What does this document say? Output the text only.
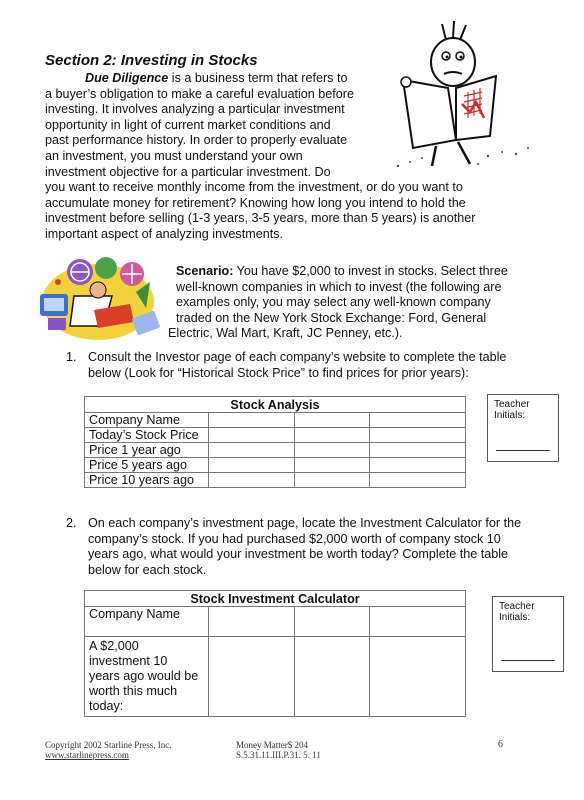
Section 2: Investing in Stocks
Due Diligence is a business term that refers to
a buyer’s obligation to make a careful evaluation before
investing. It involves analyzing a particular investment
opportunity in light of current market conditions and
past performance history. In order to properly evaluate
an investment, you must understand your own
investment objective for a particular investment. Do
you want to receive monthly income from the investment, or do you want to
accumulate money for retirement? Knowing how long you intend to hold the
investment before selling (1-3 years, 3-5 years, more than 5 years) is another
important aspect of analyzing investments.
Scenario: You have $2,000 to invest in stocks. Select three
well-known companies in which to invest (the following are
examples only, you may select any well-known company
traded on the New York Stock Exchange: Ford, General
Electric, Wal Mart, Kraft, JC Penney, etc.).
1. Consult the Investor page of each company’s website to complete the table
below (Look for “Historical Stock Price” to find prices for prior years):
Stock Analysis			
Company Name			
Today’s Stock Price			
Price 1 year ago			
Price 5 years ago			
Price 10 years ago			
Teacher
Initials:
2. On each company’s investment page, locate the Investment Calculator for the
company’s stock. If you had purchased $2,000 worth of company stock 10
years ago, what would your investment be worth today? Complete the table
below for each stock.
Stock Investment Calculator			
Company Name			

A $2,000
investment 10
years ago would be
worth this much
today:			

Teacher
Initials:
Copyright 2002 Starline Press, Inc.
www.starlinepress.com
Money Matter$ 204
S.5.31.11.III.P.31. 5. 11
6
